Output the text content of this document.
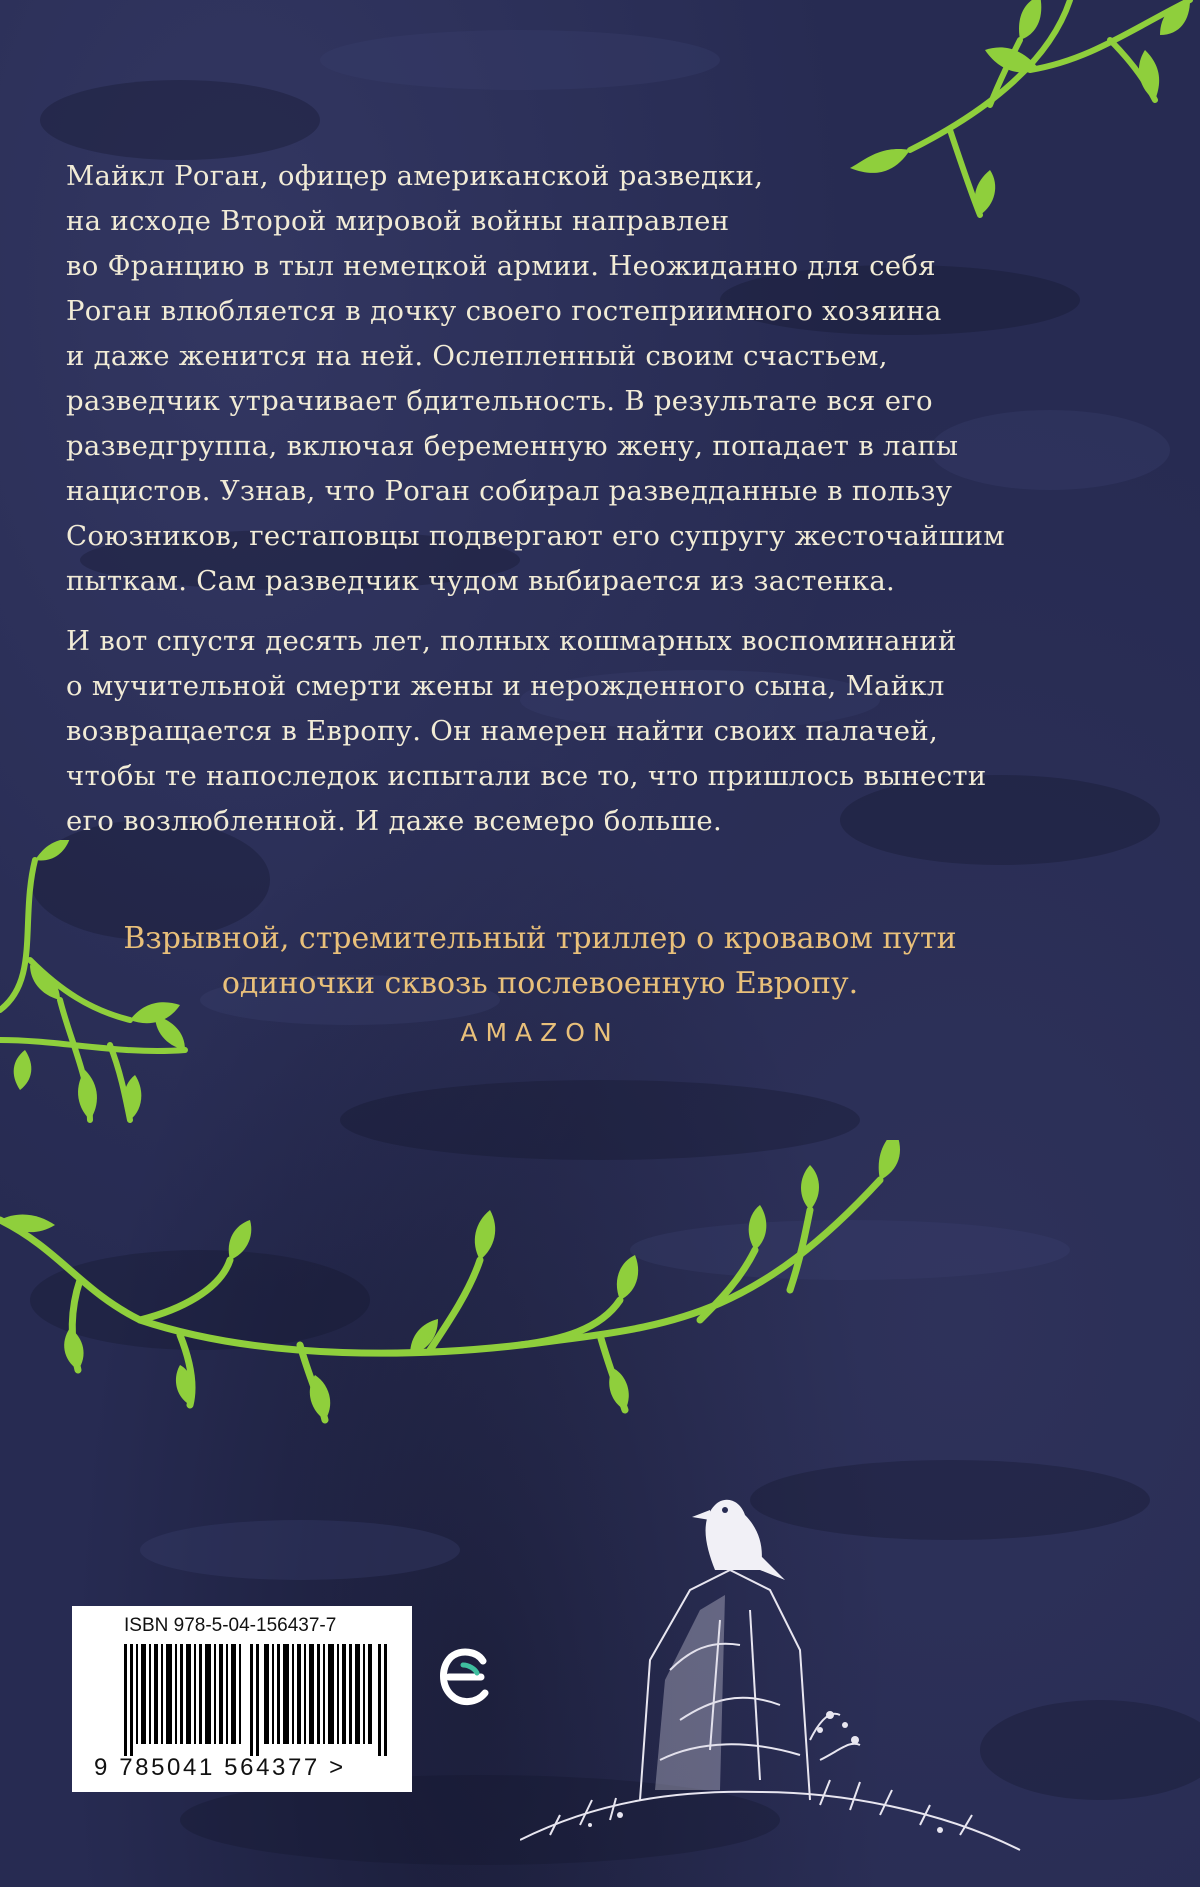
Майкл Роган, офицер американской разведки,
на исходе Второй мировой войны направлен
во Францию в тыл немецкой армии. Неожиданно для себя
Роган влюбляется в дочку своего гостеприимного хозяина
и даже женится на ней. Ослепленный своим счастьем,
разведчик утрачивает бдительность. В результате вся его
разведгруппа, включая беременную жену, попадает в лапы
нацистов. Узнав, что Роган собирал разведданные в пользу
Союзников, гестаповцы подвергают его супругу жесточайшим
пыткам. Сам разведчик чудом выбирается из застенка.

И вот спустя десять лет, полных кошмарных воспоминаний
о мучительной смерти жены и нерожденного сына, Майкл
возвращается в Европу. Он намерен найти своих палачей,
чтобы те напоследок испытали все то, что пришлось вынести
его возлюбленной. И даже всемеро больше.

Взрывной, стремительный триллер о кровавом пути
одиночки сквозь послевоенную Европу.

AMAZON
ISBN 978-5-04-156437-7
9 785041 564377 >
